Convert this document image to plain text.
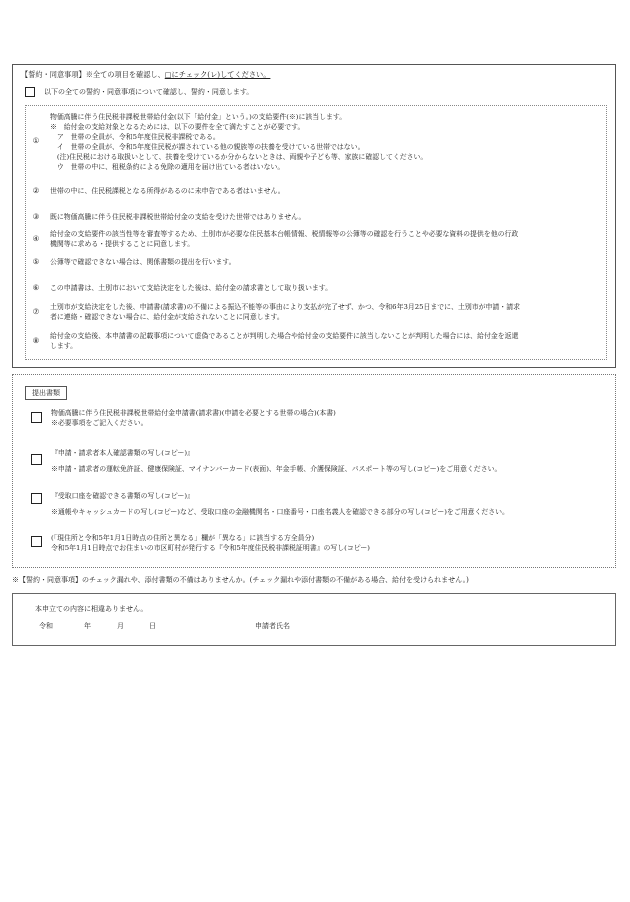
【誓約・同意事項】※全ての項目を確認し、□にチェック(レ)してください。
以下の全ての誓約・同意事項について確認し、誓約・同意します。
①
物価高騰に伴う住民税非課税世帯給付金(以下「給付金」という。)の支給要件(※)に該当します。
※　給付金の支給対象となるためには、以下の要件を全て満たすことが必要です。
　ア　世帯の全員が、令和5年度住民税非課税である。
　イ　世帯の全員が、令和5年度住民税が課されている他の親族等の扶養を受けている世帯ではない。
　(注)住民税における取扱いとして、扶養を受けているか分からないときは、両親や子ども等、家族に確認してください。
　ウ　世帯の中に、租税条約による免除の適用を届け出ている者はいない。
② 世帯の中に、住民税課税となる所得があるのに未申告である者はいません。
③ 既に物価高騰に伴う住民税非課税世帯給付金の支給を受けた世帯ではありません。
④ 給付金の支給要件の該当性等を審査等するため、土別市が必要な住民基本台帳情報、税情報等の公簿等の確認を行うことや必要な資料の提供を他の行政
機関等に求める・提供することに同意します。
⑤ 公簿等で確認できない場合は、関係書類の提出を行います。
⑥ この申請書は、土別市において支給決定をした後は、給付金の請求書として取り扱います。
⑦ 土別市が支給決定をした後、申請書(請求書)の不備による振込不能等の事由により支払が完了せず、かつ、令和6年3月25日までに、土別市が申請・請求
者に連絡・確認できない場合に、給付金が支給されないことに同意します。
⑧ 給付金の支給後、本申請書の記載事項について虚偽であることが判明した場合や給付金の支給要件に該当しないことが判明した場合には、給付金を返還
します。
提出書類
物価高騰に伴う住民税非課税世帯給付金申請書(請求書)(申請を必要とする世帯の場合)(本書)
※必要事項をご記入ください。
『申請・請求者本人確認書類の写し(コピー)』
※申請・請求者の運転免許証、健康保険証、マイナンバーカード(表面)、年金手帳、介護保険証、パスポート等の写し(コピー)をご用意ください。
『受取口座を確認できる書類の写し(コピー)』
※通帳やキャッシュカードの写し(コピー)など、受取口座の金融機関名・口座番号・口座名義人を確認できる部分の写し(コピー)をご用意ください。
(「現住所と令和5年1月1日時点の住所と異なる」欄が「異なる」に該当する方全員分)
令和5年1月1日時点でお住まいの市区町村が発行する『令和5年度住民税非課税証明書』の写し(コピー)
※【誓約・同意事項】のチェック漏れや、添付書類の不備はありませんか。(チェック漏れや添付書類の不備がある場合、給付を受けられません。)
本申立ての内容に相違ありません。
令和	年	月	日	申請者氏名
